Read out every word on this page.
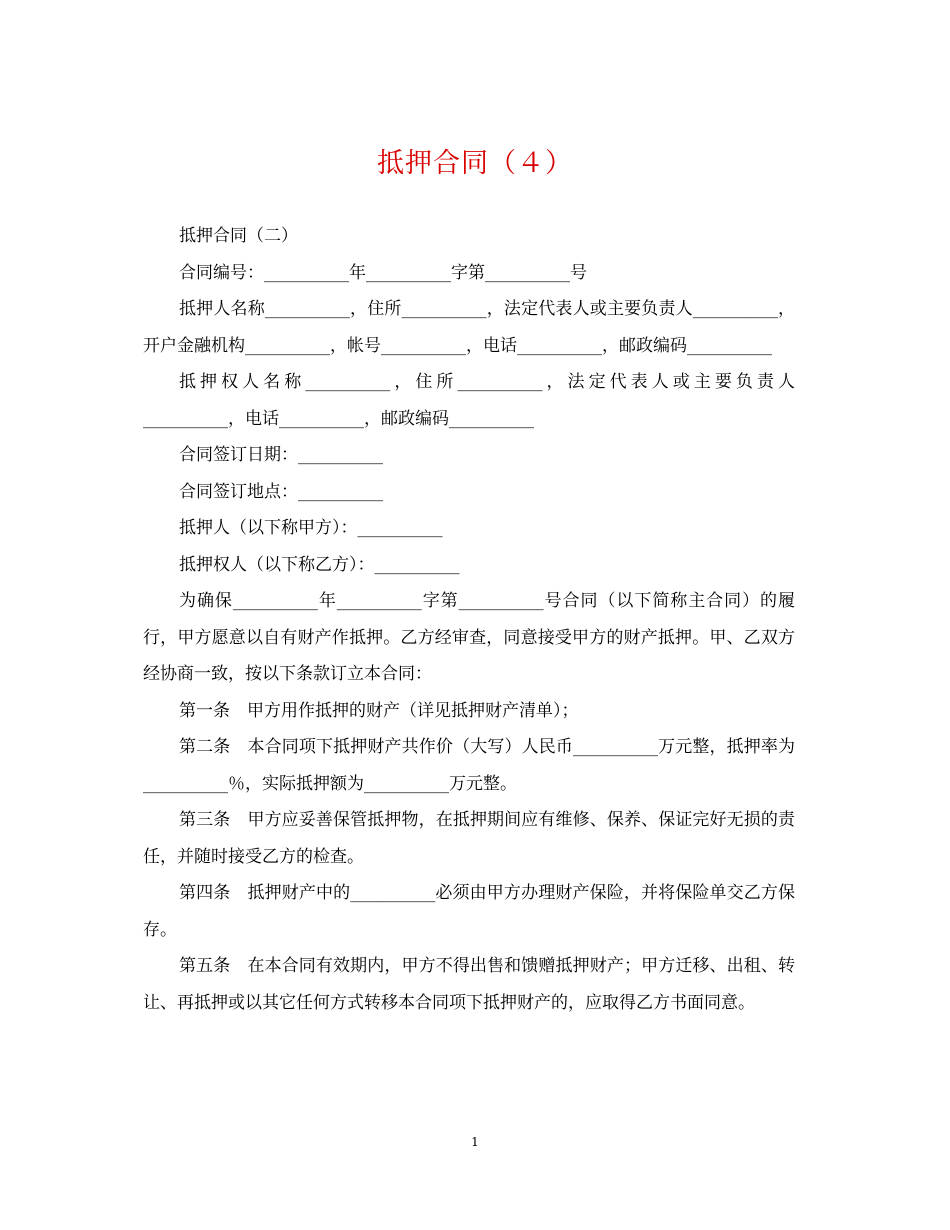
抵押合同（４）

抵押合同（二）

合同编号：__________年__________字第__________号

抵押人名称__________，住所__________，法定代表人或主要负责人__________，开户金融机构__________，帐号__________，电话__________，邮政编码__________

抵押权人名称__________，住所__________，法定代表人或主要负责人__________，电话__________，邮政编码__________

合同签订日期：__________

合同签订地点：__________

抵押人（以下称甲方）：__________

抵押权人（以下称乙方）：__________

为确保__________年__________字第__________号合同（以下简称主合同）的履行，甲方愿意以自有财产作抵押。乙方经审查，同意接受甲方的财产抵押。甲、乙双方经协商一致，按以下条款订立本合同：

第一条　甲方用作抵押的财产（详见抵押财产清单）；

第二条　本合同项下抵押财产共作价（大写）人民币__________万元整，抵押率为__________％，实际抵押额为__________万元整。

第三条　甲方应妥善保管抵押物，在抵押期间应有维修、保养、保证完好无损的责任，并随时接受乙方的检查。

第四条　抵押财产中的__________必须由甲方办理财产保险，并将保险单交乙方保存。

第五条　在本合同有效期内，甲方不得出售和馈赠抵押财产；甲方迁移、出租、转让、再抵押或以其它任何方式转移本合同项下抵押财产的，应取得乙方书面同意。

1
